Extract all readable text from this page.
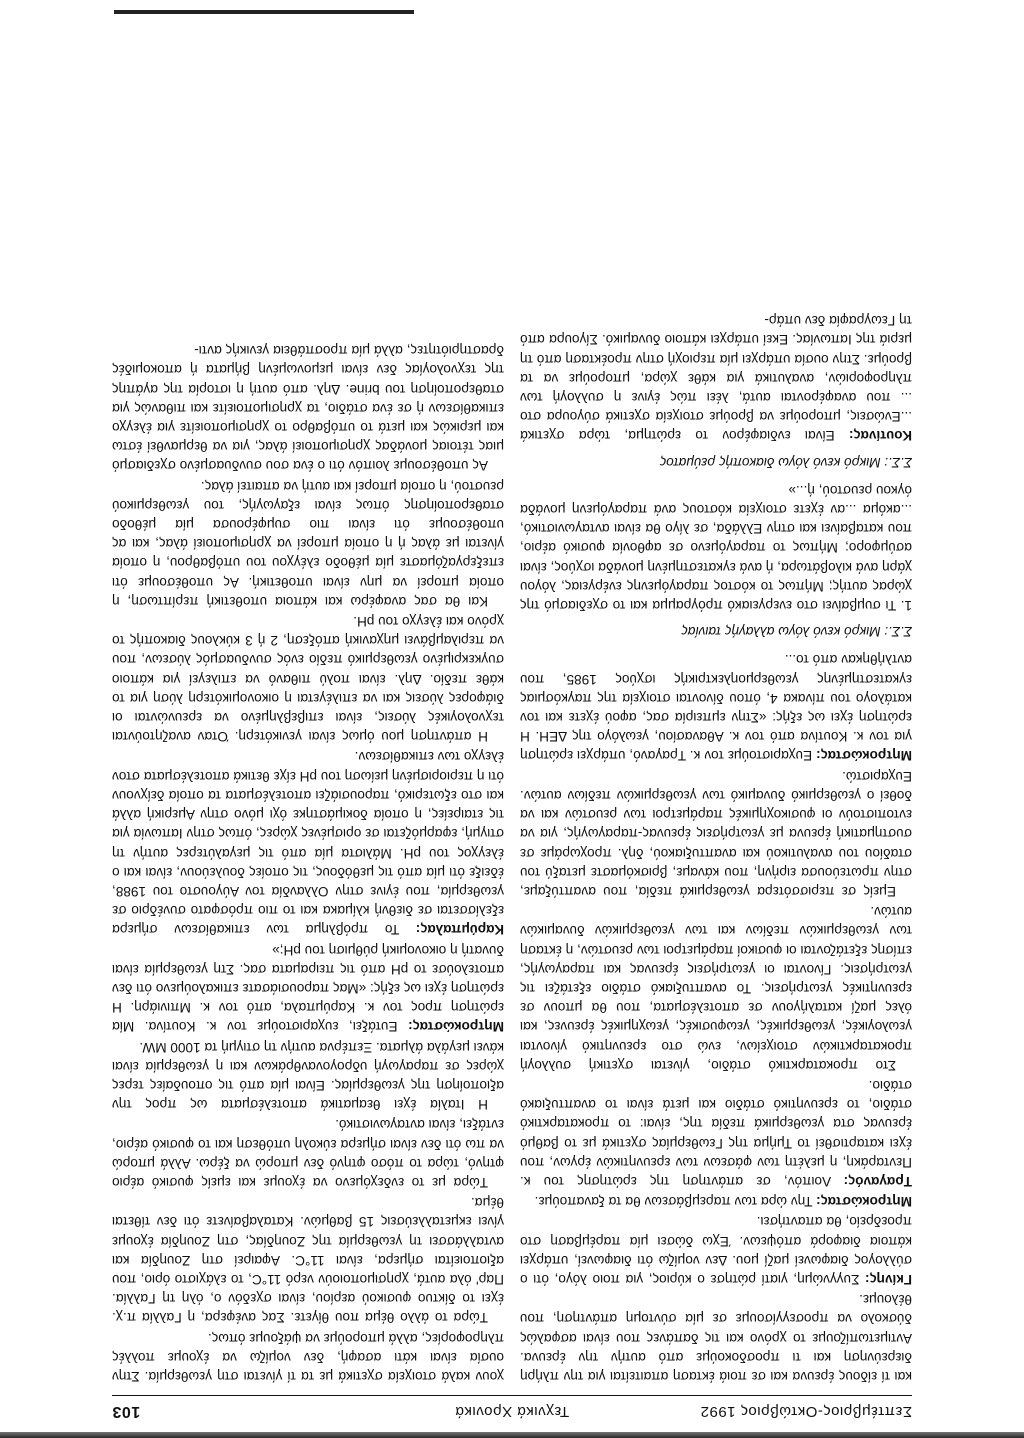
Σεπτέμβριος-Οκτώβριος 1992
Τεχνικά Χρονικά
103

και τί είδους έρευνα και σε ποιά έκταση απαιτείται για την πλήρη διερεύνηση και τι προσδοκούμε από αυτήν την έρευνα. Αντιμετωπίζουμε το χρόνο και τις δαπάνες που είναι ασφαλώς δύσκολο να προσεγγίσουμε σε μία σύντομη απάντηση, που θέλουμε.

Γκίνης: Συγγνώμη, γιατί ρώτησε ο κύριος, για ποιο λόγο, ότι ο σύλλογος διαφωνεί μαζί μου. Δεν νομίζω ότι διαφωνεί, υπάρχει κάποια διαφορά απόψεων. Έχω δώσει μία παρέμβαση στο προεδρείο, θα απαντήσει.

Μητροκώστας: Την ώρα των παρεμβάσεων θα τα ξαναπούμε.

Τραγανός: Λοιπόν, σε απάντηση της ερώτησης του κ. Πενταράκη, η μελέτη των φάσεων των ερευνητικών έργων, που έχει καταρτισθεί το Τμήμα της Γεωθερμίας σχετικά με το βαθμό έρευνας στα γεωθερμικά πεδία της, είναι: το προκαταρκτικό στάδιο, το ερευνητικό στάδιο και μετά είναι το αναπτυξιακό στάδιο.

Στο προκαταρκτικό στάδιο, γίνεται σχετική συλλογή προκαταρκτικών στοιχείων, ενώ στο ερευνητικό γίνονται γεωλογικές, γεωθερμικές, γεωφυσικές, γεωχημικές έρευνες, και όλες μαζί καταλήγουν σε αποτελέσματα, που θα μπουν σε ερευνητικές γεωτρήσεις. Το αναπτυξιακό στάδιο εξετάζει τις γεωτρήσεις. Γίνονται οι γεωτρήσεις έρευνας και παραγωγής, επίσης εξετάζονται οι φυσικοί παράμετροι των ρευστών, η έκταση των γεωθερμικών πεδίων και των γεωθερμικών δυναμικών αυτών.

Εμείς σε περισσότερα γεωθερμικά πεδία, που αναπτύξαμε, στην πρωτεύουσα ειρήνη, που κάναμε, βρισκόμαστε μεταξύ του σταδίου του αναλυτικού και αναπτυξιακού, δηλ. προχωράμε σε συστηματική έρευνα με γεωτρήσεις έρευνας-παραγωγής, για να εντοπιστούν οι φυσικοχημικές παράμετροι των ρευστών και να δοθεί ο γεωθερμικό δυναμικό των γεωθερμικών πεδίων αυτών. Ευχαριστώ.

Μητροκώστας: Ευχαριστούμε τον κ. Τραγανό, υπάρχει ερώτηση για τον κ. Κουτίνα από τον κ. Αθανασίου, γεωλόγο της ΔΕΗ. Η ερώτηση έχει ως εξής: «Στην εμπειρία σας, αφού έχετε και τον κατάλογο του πίνακα 4, όπου δίνονται στοιχεία της παγκόσμιας εγκατεστημένης γεωθερμοηλεκτρικής ισχύος 1985, που αντλήθηκαν από το...

Σ.Σ.: Μικρό κενό λόγω αλλαγής ταινίας

1. Τι συμβαίνει στο ενεργειακό πρόγραμμα και το σχεδιασμό της χώρας αυτής; Μήπως το κόστος παραγόμενης ενέργειας, λόγου χάρη ανά κιλοβάτωρα, ή ανά εγκατεστημένη μονάδα ισχύος, είναι ασύμφορο; Μήπως το παραγόμενο σε αφθονία φυσικό αέριο, που καταβαίνει και στην Ελλάδα, σε λίγο θα είναι ανταγωνιστικό, ...ακόμα ...αν έχετε στοιχεία κόστους ανά παραγόμενη μονάδα όγκου ρευστού, ή...»

Σ.Σ.: Μικρό κενό λόγω διακοπής ρεύματος

Κουτίνας: Είναι ενδιαφέρον το ερώτημα, τώρα σχετικά ...Ενώσεις, μπορούμε να βρούμε στοιχεία σχετικά σύγουρα στο ... που αναφέρονται αυτά, λέει πώς έγινε η συλλογή των πληροφοριών, αναλυτικά για κάθε χώρα, μπορούμε να τα βρούμε. Στην ουσία υπάρχει μία περιοχή στην προέκταση από τη μεριά της Ιαπωνίας. Εκεί υπάρχει κάποιο δυναμικό. Σίγουρα από τη Γεωγραφία δεν υπάρ-

χουν καλά στοιχεία σχετικά με τα τί γίνεται στη γεωθερμία. Στην ουσία είναι κάτι ασαφή, δεν νομίζω να έχουμε πολλές πληροφορίες, αλλά μπορούμε να ψάξουμε όπως.

Τώρα το άλλο θέμα που θίγετε. Σας ανέφερα, η Γαλλία π.χ. έχει το δίκτυο φυσικού αερίου, είναι σχεδόν ο, όλη τη Γαλλία. Παρ' όλα αυτά, χρησιμοποιούν νερό 11°C, το ελάχιστο όριο, που αξιοποιείται σήμερα, είναι 11°C. Αφαιρεί στη Ζουηδία και ανταλλάσσει τη γεωθερμία της Ζουηδίας, στη Ζουηδία έχουμε γίνει εκμεταλλεύσεις 15 βαθμών. Καταλαβαίνετε ότι δεν τίθεται θέμα.

Τώρα με το ενδεχόμενο να έχουμε και εμείς φυσικό αέριο φτηνό, τώρα το πόσο φτηνό δεν μπορώ να ξέρω. Αλλά μπορώ να πω ότι δεν είναι σήμερα εύκολη υπόθεση και το φυσικό αέριο, εντάξει, είναι ανταγωνιστικό.

Η Ιταλία έχει θεαματικά αποτελέσματα ως προς την αξιοποίηση της γεωθερμίας. Είναι μία από τις οπουδαίες τερες χώρες σε παραγωγή υδρογονανθράκων και η γεωθερμία είναι κάνει μεγάλα άλματα. Ξεπέρνα αυτήν τη στιγμή τα 1000 MW.

Μητροκώστας: Ευτάξει, ευχαριστούμε τον κ. Κουτίνα. Μία ερώτηση προς τον κ. Καρύμπαλα, από τον κ. Μπινιάρη. Η ερώτηση έχει ως εξής: «Μας παρουσιάσατε επικαλούμενο ότι δεν αποτελούσε το pH από τις πειραματα σας. Στη γεωθερμία είναι δυνατή η οικονομική ρύθμιση του pH;»

Καρύμπαλας: Το πρόβλημα των επικαθίσεων σήμερα εξελίσσεται σε διεθνή κλίμακα και το πιο πρόσφατο συνέδριο σε γεωθερμία, που έγινε στην Ολλανδία τον Αύγουστο του 1988, έδειξε ότι μία από τις μεθόδους, τις οποίες δουλεύουν, είναι και ο έλεγχος του pH. Μάλιστα μία από τις μεγαλύτερες αυτήν τη στιγμή, εφαρμόζεται σε ορισμένες χώρες, όπως στην Ιαπωνία για τις εταιρείες, η οποία δοκιμάστηκε όχι μόνο στην Αμερική αλλά και στο εξωτερικό, παρουσιάζει αποτελέσματα τα οποία δείχνουν ότι η περιορισμένη μείωση του pH είχε θετικά αποτελέσματα στον έλεγχο των επικαθίσεων.

Η απάντηση μου όμως είναι γενικότερη. Όταν αναζητούνται τεχνολογικές λύσεις, είναι επιβεβλημένο να ερευνώνται οι διάφορες λύσεις και να επιλέγεται η οικονομικότερη λύση για το κάθε πεδίο. Δηλ. είναι πολύ πιθανό να επιλεγεί για κάποιο συγκεκριμένο γεωθερμικό πεδίο ενός συνδυασμός λύσεων, που να περιλαμβάνει μηχανική απόξεση, 2 ή 3 κύκλους διακοπής το χρόνο και έλεγχο του pH.

Και θα σας αναφέρω και κάποια υποθετική περίπτωση, η οποία μπορεί να μην είναι υποθετική. Ας υποθέσουμε ότι επεξεργαζόμαστε μία μέθοδο ελέγχου του υπόβαθρου, η οποία γίνεται με άλας ή η οποία μπορεί να χρησιμοποιεί άλας, και ας υποθέσουμε ότι είναι πιο συμφέρουσα μία μέθοδο σταθεροποίησης όπως είναι εξαγωγής, του γεωθερμικού ρευστού, η οποία μπορεί και αυτή να απαιτεί άλας.

Ας υποθέσουμε λοιπόν ότι ο ένα σου συνδυασμένο σχεδιασμό μιας τέτοιας μονάδας χρησιμοποιεί άλας, για να θερμανθεί έστω και μερικώς και μετά το υπόβαθρο το χρησιμοποιείτε για έλεγχο επικαθίσεων ή σε ένα στάδιο, τα χρησιμοποιείτε και πιθανώς για σταθεροποίηση του brine. Δηλ. από αυτή η ιστορία της αγάπης της τεχνολογίας δεν είναι μεμονωμένη βήματα ή αποκομιδές δραστηριότητες, αλλά μία προσπάθεια γενικής αντι-
